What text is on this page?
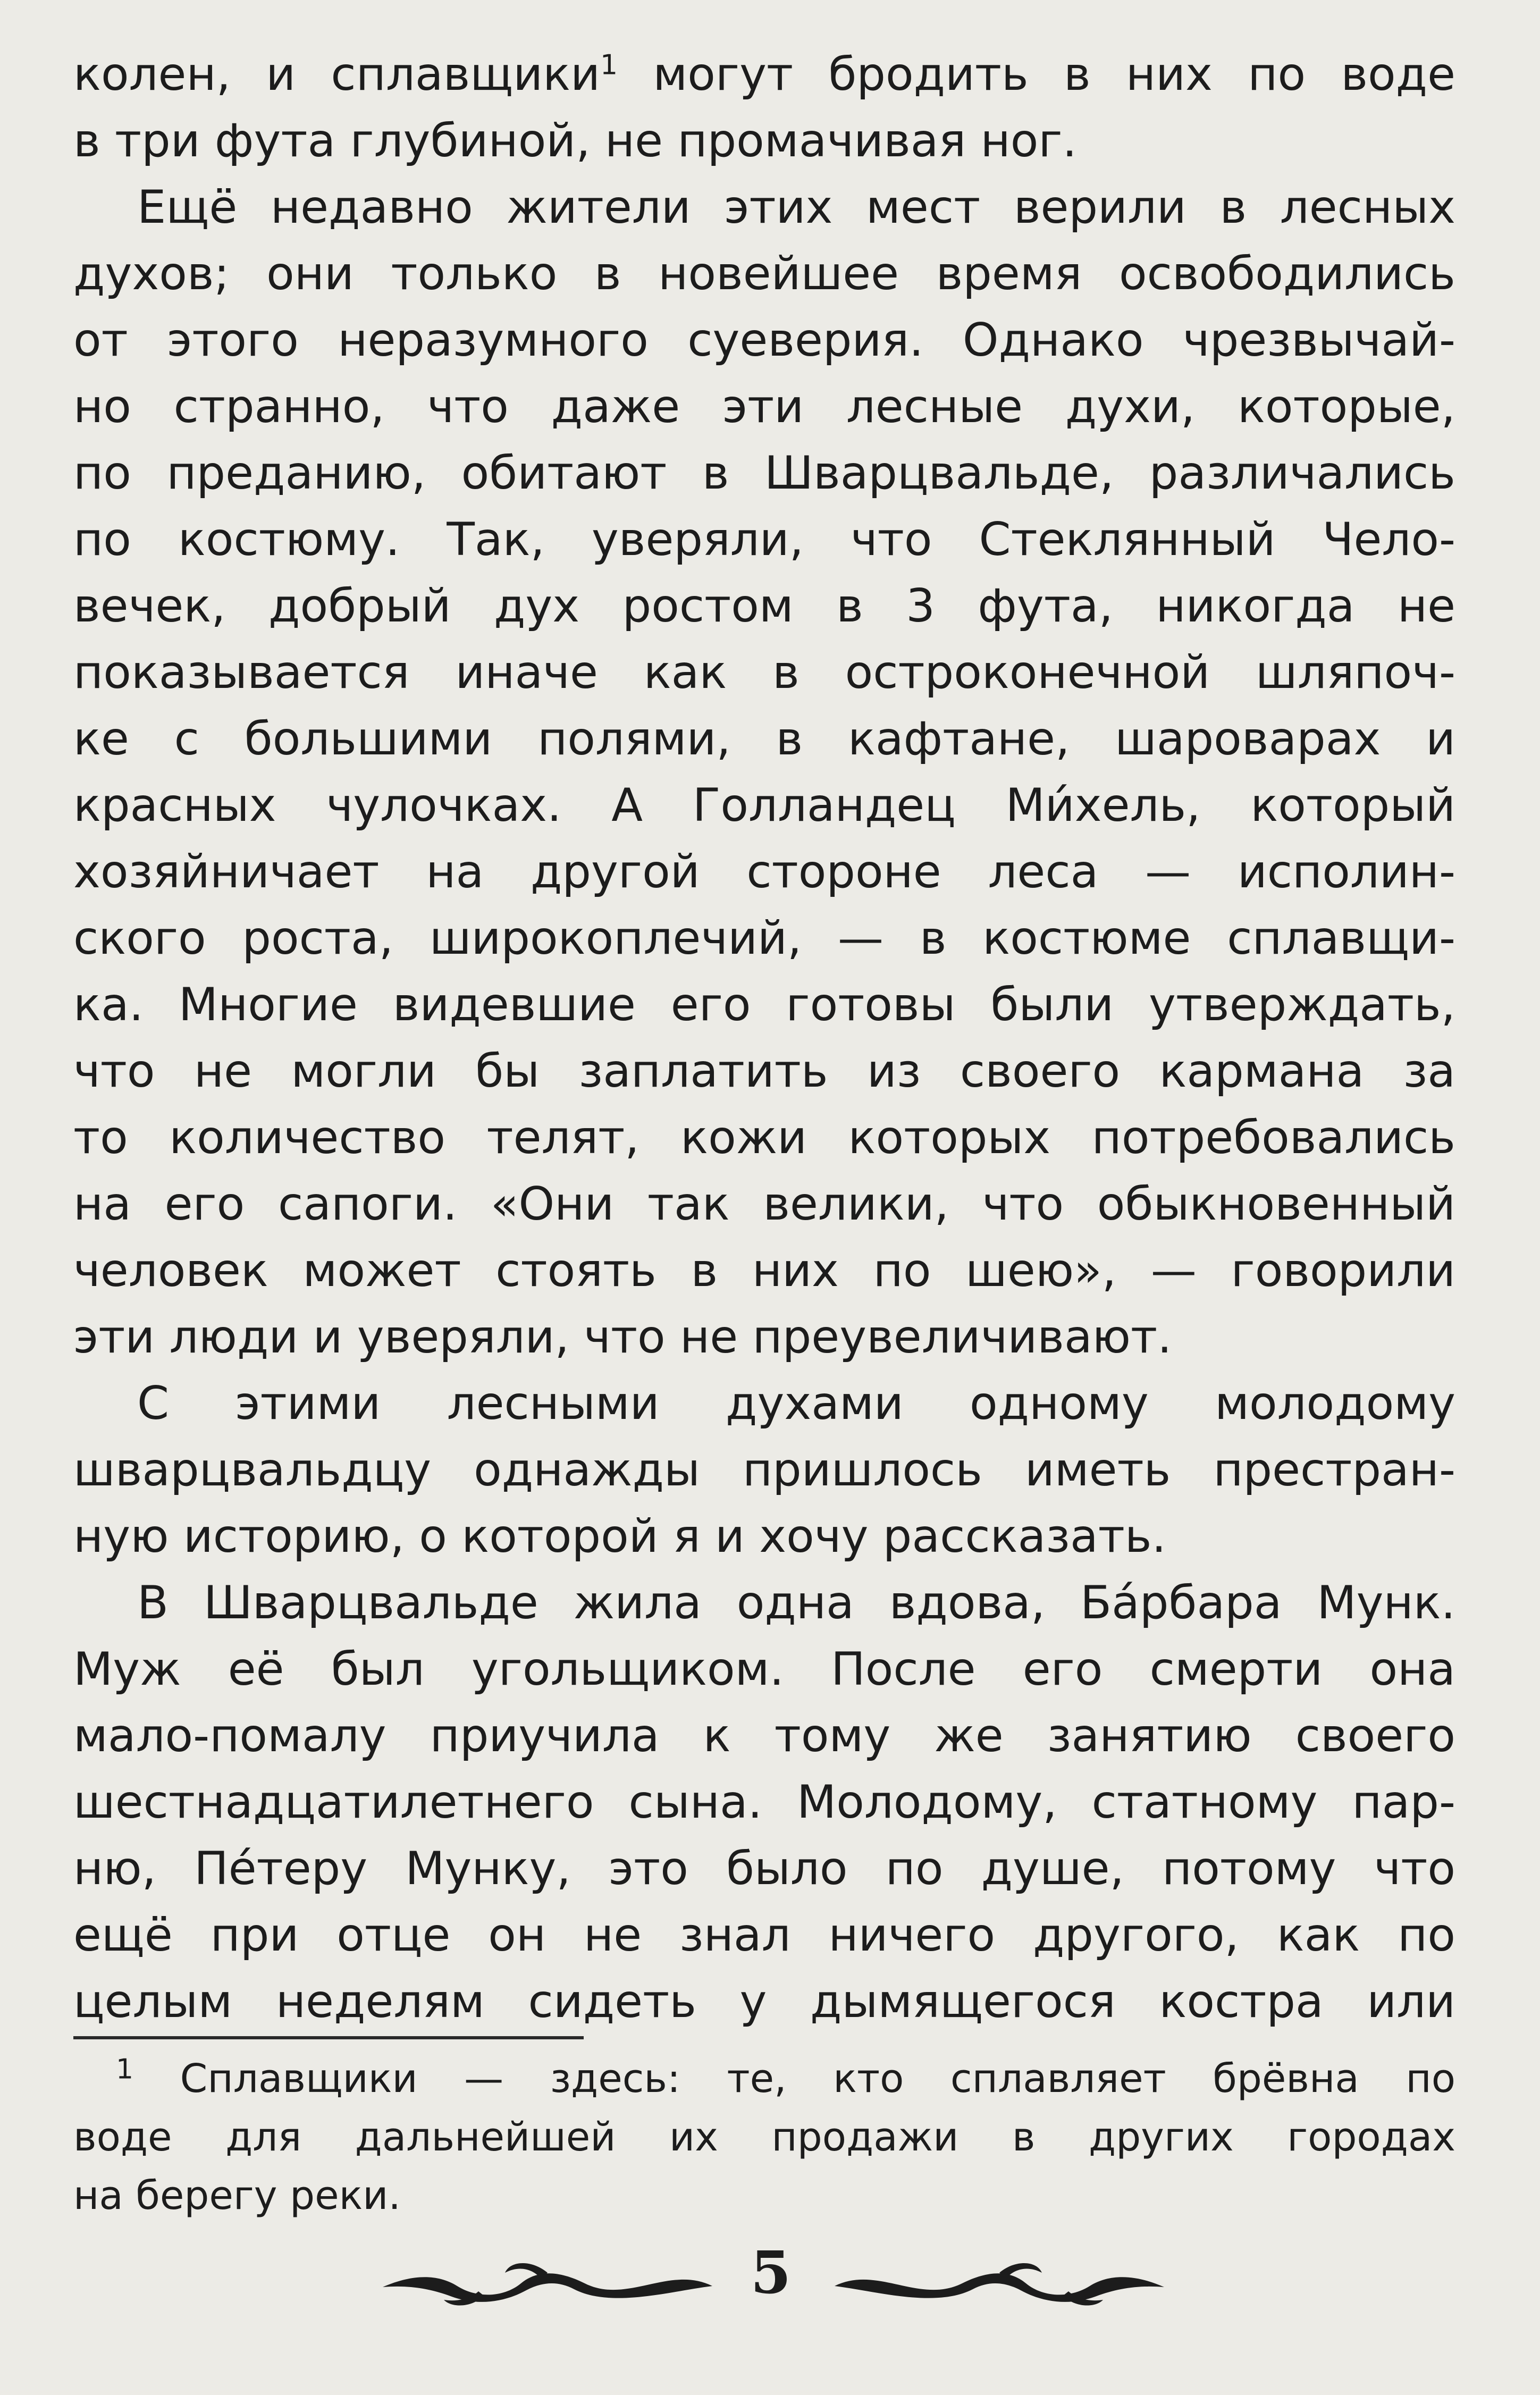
колен, и сплавщики$^1$ могут бродить в них по воде
в три фута глубиной, не промачивая ног.
Ещё недавно жители этих мест верили в лесных
духов; они только в новейшее время освободились
от этого неразумного суеверия. Однако чрезвычай-
но странно, что даже эти лесные духи, которые,
по преданию, обитают в Шварцвальде, различались
по костюму. Так, уверяли, что Стеклянный Чело-
вечек, добрый дух ростом в 3 фута, никогда не
показывается иначе как в остроконечной шляпоч-
ке с большими полями, в кафтане, шароварах и
красных чулочках. А Голландец Ми́хель, который
хозяйничает на другой стороне леса — исполин-
ского роста, широкоплечий, — в костюме сплавщи-
ка. Многие видевшие его готовы были утверждать,
что не могли бы заплатить из своего кармана за
то количество телят, кожи которых потребовались
на его сапоги. «Они так велики, что обыкновенный
человек может стоять в них по шею», — говорили
эти люди и уверяли, что не преувеличивают.
С этими лесными духами одному молодому
шварцвальдцу однажды пришлось иметь престран-
ную историю, о которой я и хочу рассказать.
В Шварцвальде жила одна вдова, Ба́рбара Мунк.
Муж её был угольщиком. После его смерти она
мало-помалу приучила к тому же занятию своего
шестнадцатилетнего сына. Молодому, статному пар-
ню, Пе́теру Мунку, это было по душе, потому что
ещё при отце он не знал ничего другого, как по
целым неделям сидеть у дымящегося костра или
$^1$ Сплавщики — здесь: те, кто сплавляет брёвна по
воде для дальнейшей их продажи в других городах
на берегу реки.
5
